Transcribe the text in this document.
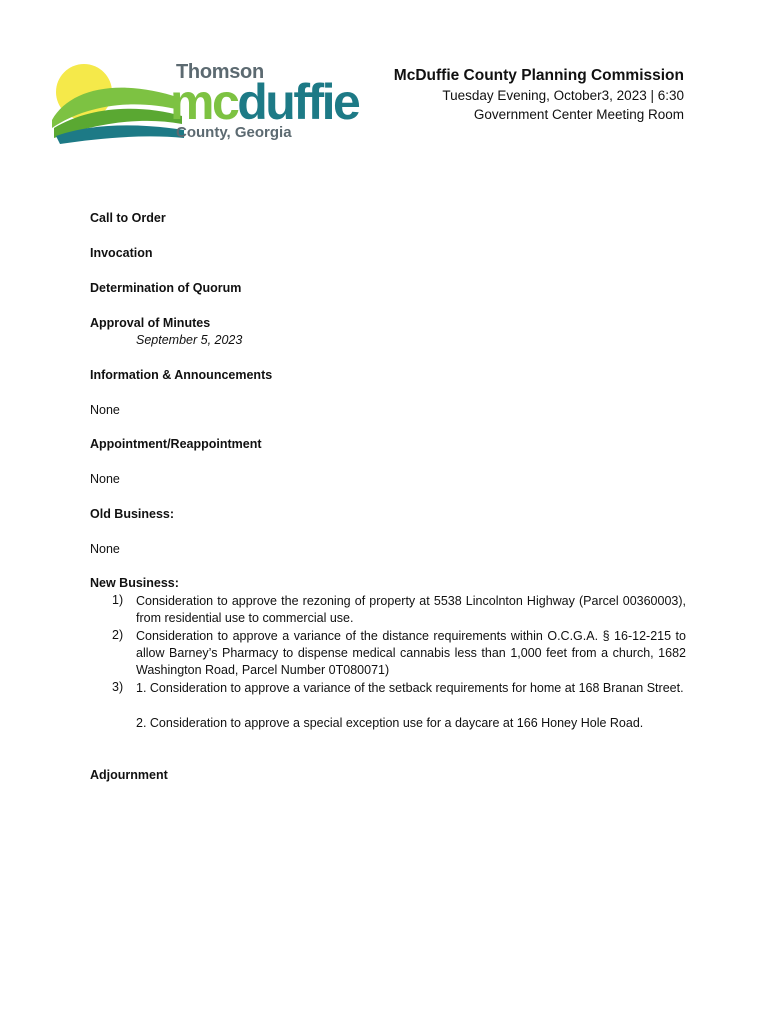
Thomson
mcduffie
County, Georgia
McDuffie County Planning Commission
Tuesday Evening, October3, 2023 | 6:30
Government Center Meeting Room
Call to Order
Invocation
Determination of Quorum
Approval of Minutes
September 5, 2023
Information & Announcements
None
Appointment/Reappointment
None
Old Business:
None
New Business:
1) Consideration to approve the rezoning of property at 5538 Lincolnton Highway (Parcel 00360003), from residential use to commercial use.
2) Consideration to approve a variance of the distance requirements within O.C.G.A. § 16-12-215 to allow Barney’s Pharmacy to dispense medical cannabis less than 1,000 feet from a church, 1682 Washington Road, Parcel Number 0T080071)
3) 1. Consideration to approve a variance of the setback requirements for home at 168 Branan Street.
2. Consideration to approve a special exception use for a daycare at 166 Honey Hole Road.
Adjournment
